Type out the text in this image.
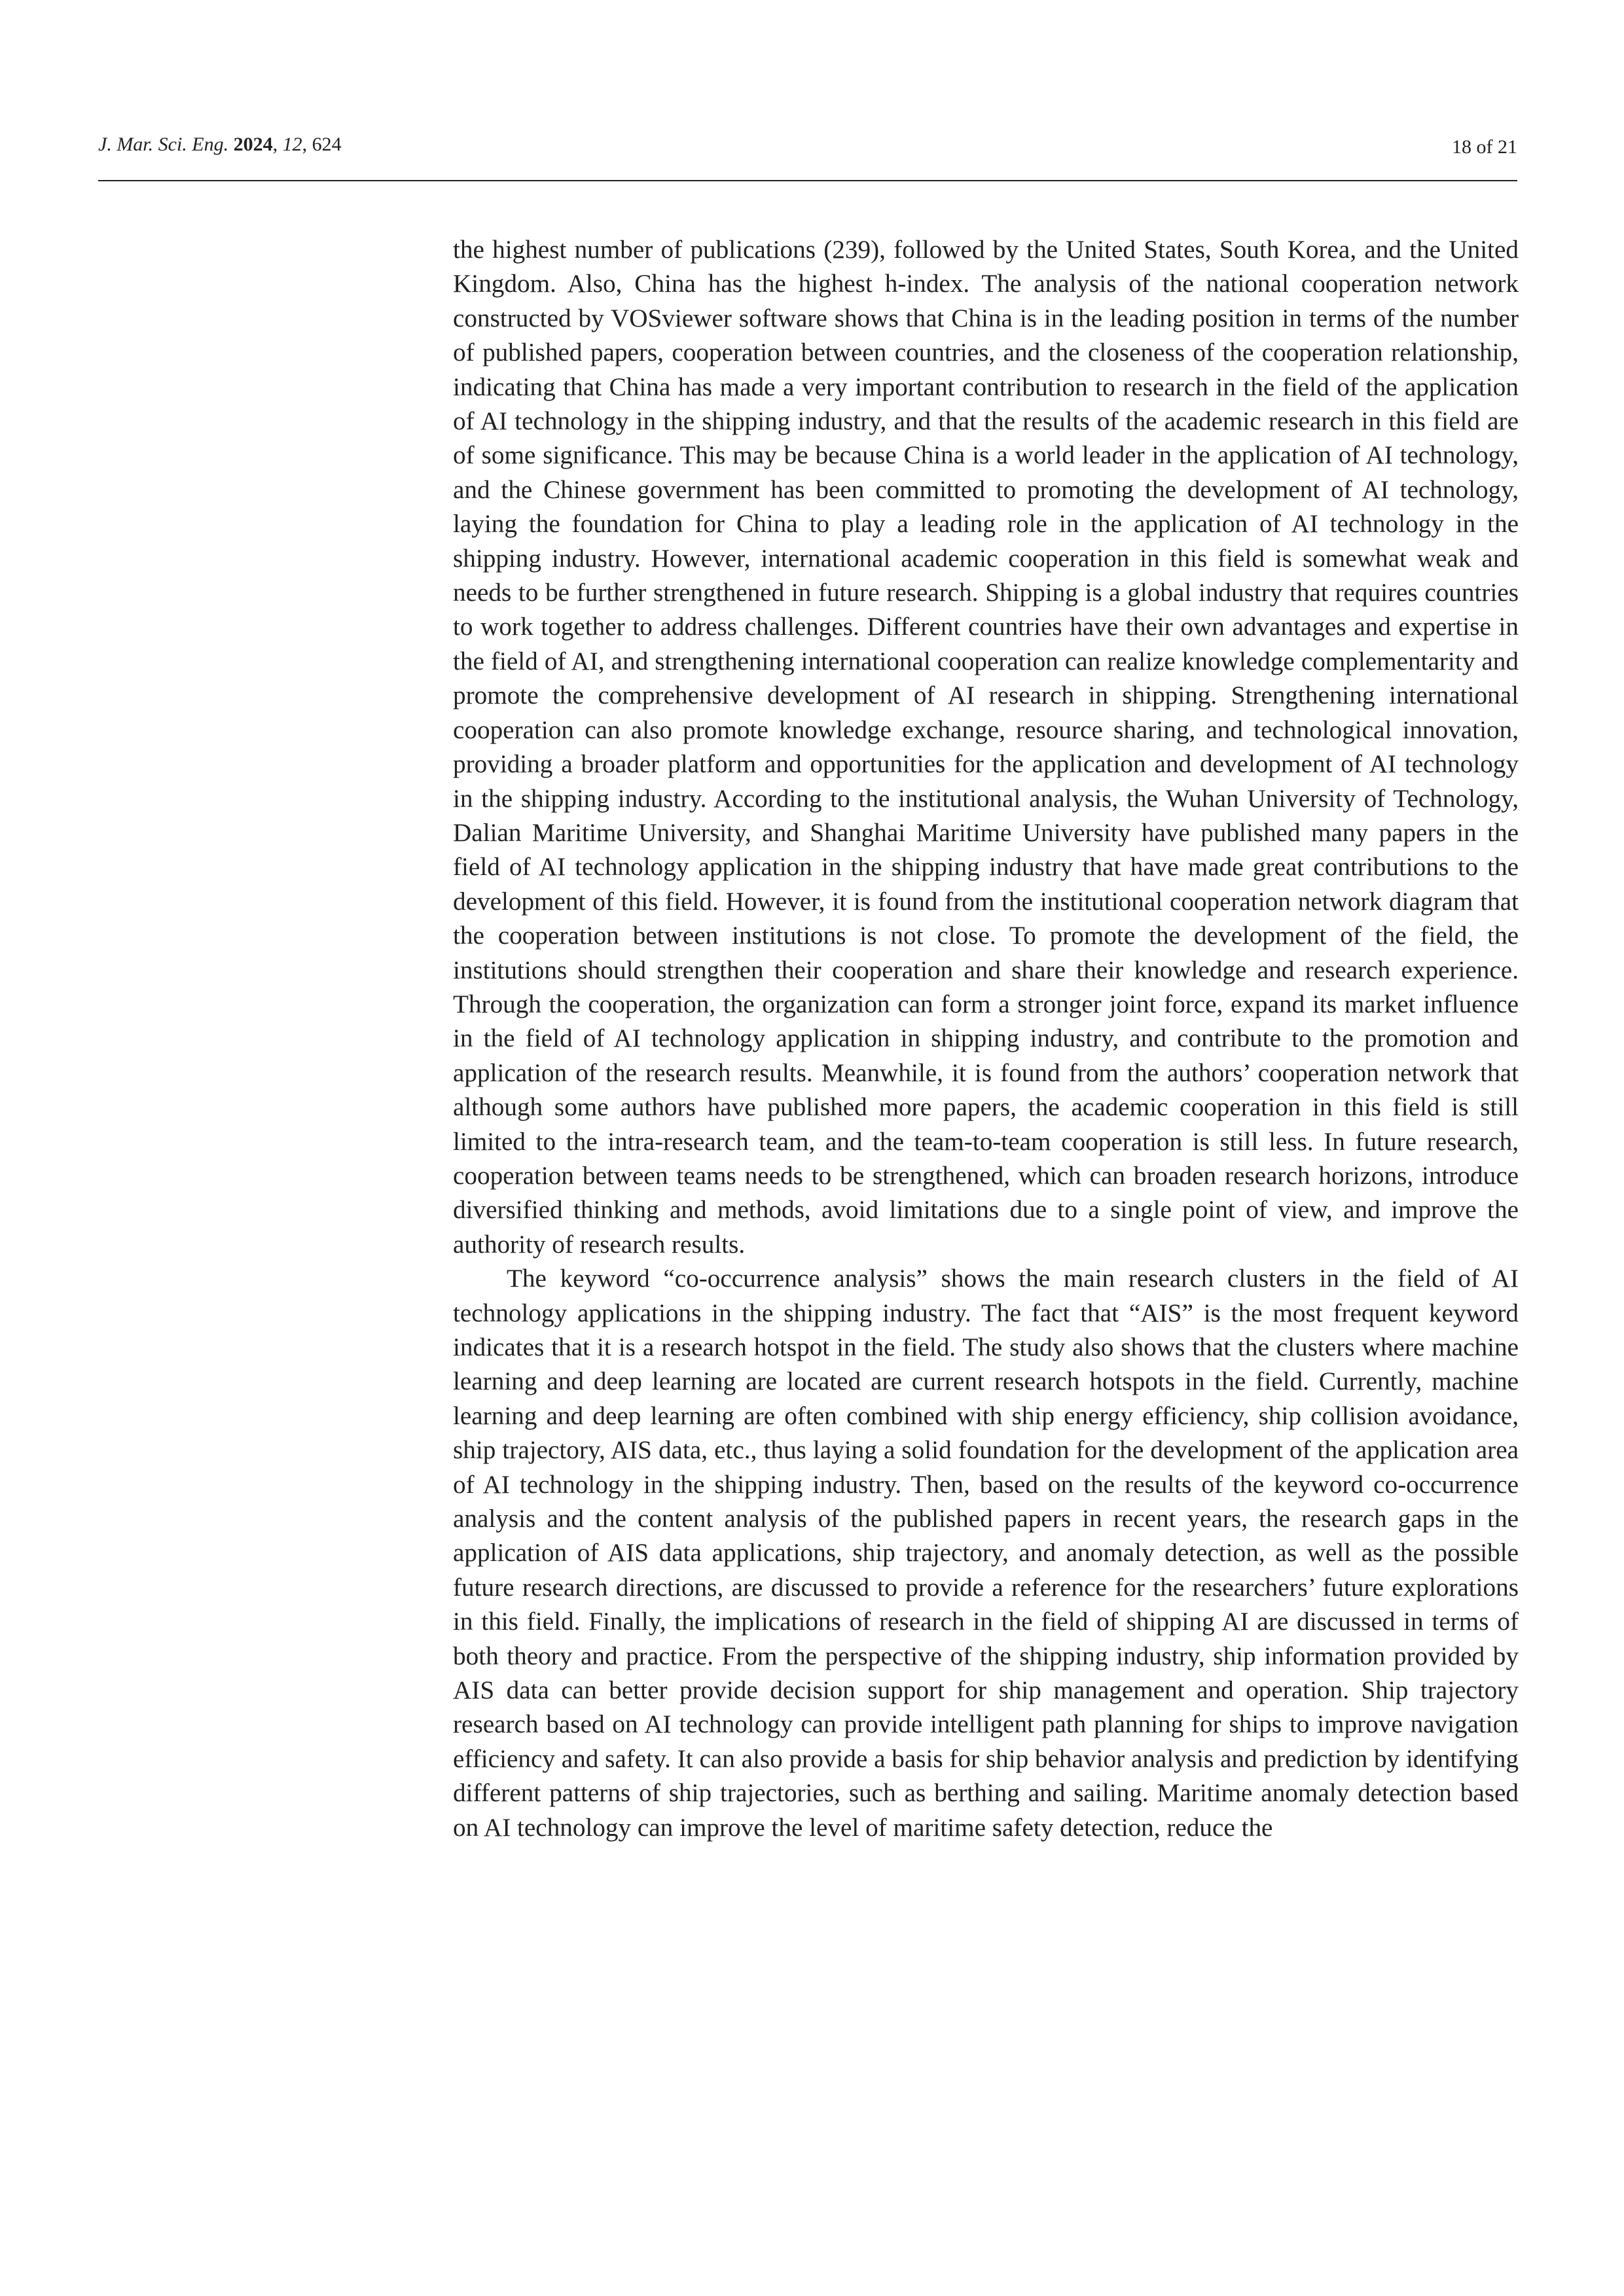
J. Mar. Sci. Eng. 2024, 12, 624	18 of 21

the highest number of publications (239), followed by the United States, South Korea, and the United Kingdom. Also, China has the highest h-index. The analysis of the national cooperation network constructed by VOSviewer software shows that China is in the leading position in terms of the number of published papers, cooperation between countries, and the closeness of the cooperation relationship, indicating that China has made a very important contribution to research in the field of the application of AI technology in the shipping industry, and that the results of the academic research in this field are of some significance. This may be because China is a world leader in the application of AI technology, and the Chinese government has been committed to promoting the development of AI technology, laying the foundation for China to play a leading role in the application of AI technology in the shipping industry. However, international academic cooperation in this field is somewhat weak and needs to be further strengthened in future research. Shipping is a global industry that requires countries to work together to address challenges. Different countries have their own advantages and expertise in the field of AI, and strengthening international cooperation can realize knowledge complementarity and promote the comprehensive development of AI research in shipping. Strengthening international cooperation can also promote knowledge exchange, resource sharing, and technological innovation, providing a broader platform and opportunities for the application and development of AI technology in the shipping industry. According to the institutional analysis, the Wuhan University of Technology, Dalian Maritime University, and Shanghai Maritime University have published many papers in the field of AI technology application in the shipping industry that have made great contributions to the development of this field. However, it is found from the institutional cooperation network diagram that the cooperation between institutions is not close. To promote the development of the field, the institutions should strengthen their cooperation and share their knowledge and research experience. Through the cooperation, the organization can form a stronger joint force, expand its market influence in the field of AI technology application in shipping industry, and contribute to the promotion and application of the research results. Meanwhile, it is found from the authors’ cooperation network that although some authors have published more papers, the academic cooperation in this field is still limited to the intra-research team, and the team-to-team cooperation is still less. In future research, cooperation between teams needs to be strengthened, which can broaden research horizons, introduce diversified thinking and methods, avoid limitations due to a single point of view, and improve the authority of research results.

The keyword “co-occurrence analysis” shows the main research clusters in the field of AI technology applications in the shipping industry. The fact that “AIS” is the most frequent keyword indicates that it is a research hotspot in the field. The study also shows that the clusters where machine learning and deep learning are located are current research hotspots in the field. Currently, machine learning and deep learning are often combined with ship energy efficiency, ship collision avoidance, ship trajectory, AIS data, etc., thus laying a solid foundation for the development of the application area of AI technology in the shipping industry. Then, based on the results of the keyword co-occurrence analysis and the content analysis of the published papers in recent years, the research gaps in the application of AIS data applications, ship trajectory, and anomaly detection, as well as the possible future research directions, are discussed to provide a reference for the researchers’ future explorations in this field. Finally, the implications of research in the field of shipping AI are discussed in terms of both theory and practice. From the perspective of the shipping industry, ship information provided by AIS data can better provide decision support for ship management and operation. Ship trajectory research based on AI technology can provide intelligent path planning for ships to improve navigation efficiency and safety. It can also provide a basis for ship behavior analysis and prediction by identifying different patterns of ship trajectories, such as berthing and sailing. Maritime anomaly detection based on AI technology can improve the level of maritime safety detection, reduce the
